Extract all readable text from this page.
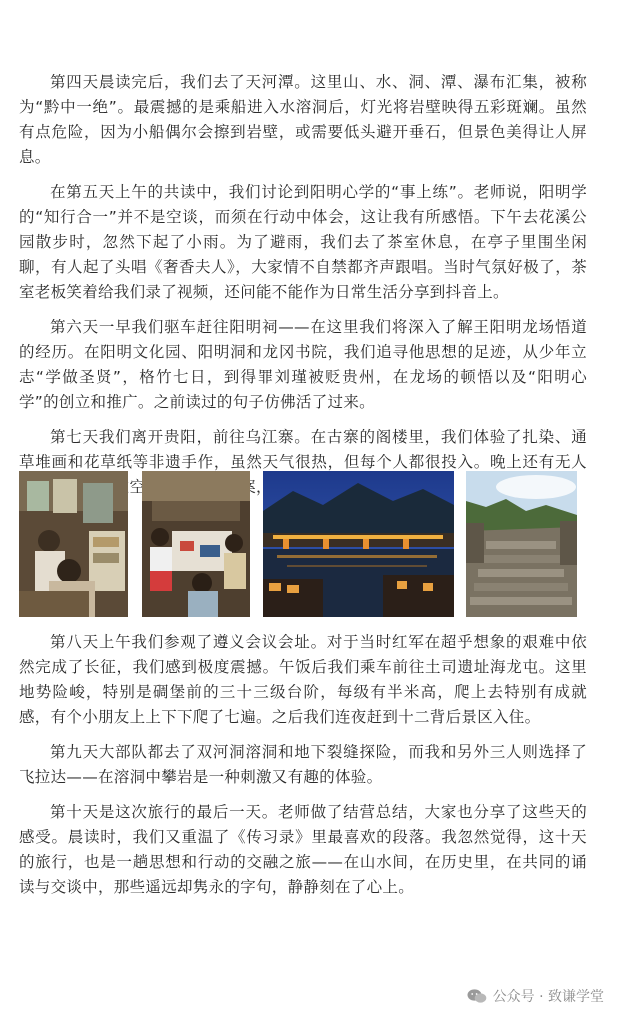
第四天晨读完后，我们去了天河潭。这里山、水、洞、潭、瀑布汇集，被称为“黔中一绝”。最震撼的是乘船进入水溶洞后，灯光将岩壁映得五彩斑斓。虽然有点危险，因为小船偶尔会擦到岩壁，或需要低头避开垂石，但景色美得让人屏息。

在第五天上午的共读中，我们讨论到阳明心学的“事上练”。老师说，阳明学的“知行合一”并不是空谈，而须在行动中体会，这让我有所感悟。下午去花溪公园散步时，忽然下起了小雨。为了避雨，我们去了茶室休息，在亭子里围坐闲聊，有人起了头唱《奢香夫人》，大家情不自禁都齐声跟唱。当时气氛好极了，茶室老板笑着给我们录了视频，还问能不能作为日常生活分享到抖音上。

第六天一早我们驱车赶往阳明祠——在这里我们将深入了解王阳明龙场悟道的经历。在阳明文化园、阳明洞和龙冈书院，我们追寻他思想的足迹，从少年立志“学做圣贤”，格竹七日，到得罪刘瑾被贬贵州，在龙场的顿悟以及“阳明心学”的创立和推广。之前读过的句子仿佛活了过来。

第七天我们离开贵阳，前往乌江寨。在古寨的阁楼里，我们体验了扎染、通草堆画和花草纸等非遗手作，虽然天气很热，但每个人都很投入。晚上还有无人 在空 案，

第八天上午我们参观了遵义会议会址。对于当时红军在超乎想象的艰难中依然完成了长征，我们感到极度震撼。午饭后我们乘车前往土司遗址海龙屯。这里地势险峻，特别是碉堡前的三十三级台阶，每级有半米高，爬上去特别有成就感，有个小朋友上上下下爬了七遍。之后我们连夜赶到十二背后景区入住。

第九天大部队都去了双河洞溶洞和地下裂缝探险，而我和另外三人则选择了飞拉达——在溶洞中攀岩是一种刺激又有趣的体验。

第十天是这次旅行的最后一天。老师做了结营总结，大家也分享了这些天的感受。晨读时，我们又重温了《传习录》里最喜欢的段落。我忽然觉得，这十天的旅行，也是一趟思想和行动的交融之旅——在山水间，在历史里，在共同的诵读与交谈中，那些遥远却隽永的字句，静静刻在了心上。

公众号 · 致谦学堂
